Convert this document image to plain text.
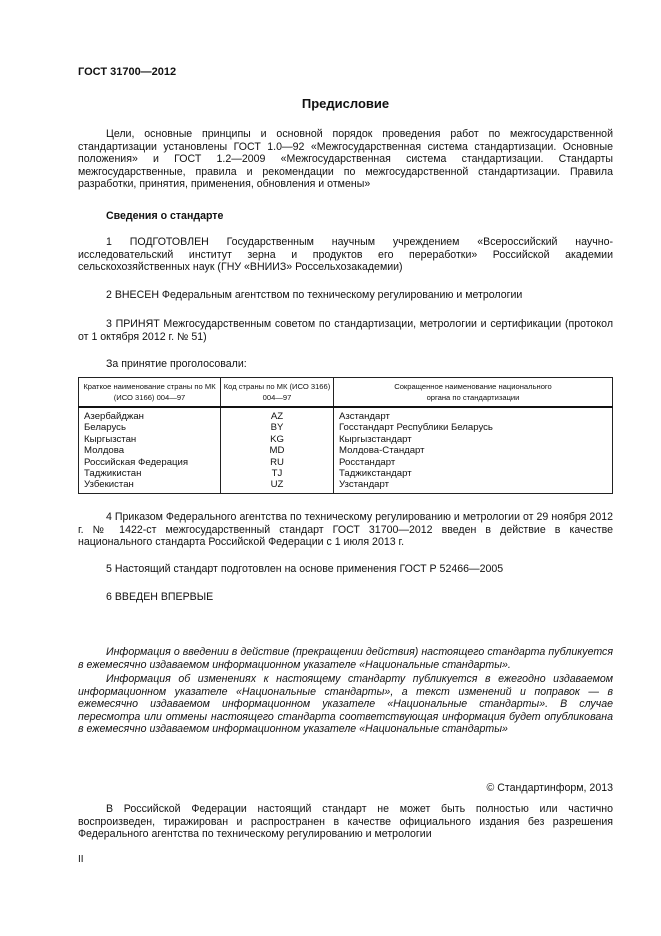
ГОСТ 31700—2012
Предисловие
Цели, основные принципы и основной порядок проведения работ по межгосударственной стандартизации установлены ГОСТ 1.0—92 «Межгосударственная система стандартизации. Основные положения» и ГОСТ 1.2—2009 «Межгосударственная система стандартизации. Стандарты межгосударственные, правила и рекомендации по межгосударственной стандартизации. Правила разработки, принятия, применения, обновления и отмены»
Сведения о стандарте
1 ПОДГОТОВЛЕН Государственным научным учреждением «Всероссийский научно-исследовательский институт зерна и продуктов его переработки» Российской академии сельскохозяйственных наук (ГНУ «ВНИИЗ» Россельхозакадемии)
2 ВНЕСЕН Федеральным агентством по техническому регулированию и метрологии
3 ПРИНЯТ Межгосударственным советом по стандартизации, метрологии и сертификации (протокол от 1 октября 2012 г. № 51)
За принятие проголосовали:
Краткое наименование страны по МК (ИСО 3166) 004—97	Код страны по МК (ИСО 3166) 004—97	Сокращенное наименование национального органа по стандартизации
Азербайджан	AZ	Азстандарт
Беларусь	BY	Госстандарт Республики Беларусь
Кыргызстан	KG	Кыргызстандарт
Молдова	MD	Молдова-Стандарт
Российская Федерация	RU	Росстандарт
Таджикистан	TJ	Таджикстандарт
Узбекистан	UZ	Узстандарт
4 Приказом Федерального агентства по техническому регулированию и метрологии от 29 ноября 2012 г. № 1422-ст межгосударственный стандарт ГОСТ 31700—2012 введен в действие в качестве национального стандарта Российской Федерации с 1 июля 2013 г.
5 Настоящий стандарт подготовлен на основе применения ГОСТ Р 52466—2005
6 ВВЕДЕН ВПЕРВЫЕ
Информация о введении в действие (прекращении действия) настоящего стандарта публикуется в ежемесячно издаваемом информационном указателе «Национальные стандарты».
Информация об изменениях к настоящему стандарту публикуется в ежегодно издаваемом информационном указателе «Национальные стандарты», а текст изменений и поправок — в ежемесячно издаваемом информационном указателе «Национальные стандарты». В случае пересмотра или отмены настоящего стандарта соответствующая информация будет опубликована в ежемесячно издаваемом информационном указателе «Национальные стандарты»
© Стандартинформ, 2013
В Российской Федерации настоящий стандарт не может быть полностью или частично воспроизведен, тиражирован и распространен в качестве официального издания без разрешения Федерального агентства по техническому регулированию и метрологии
II
